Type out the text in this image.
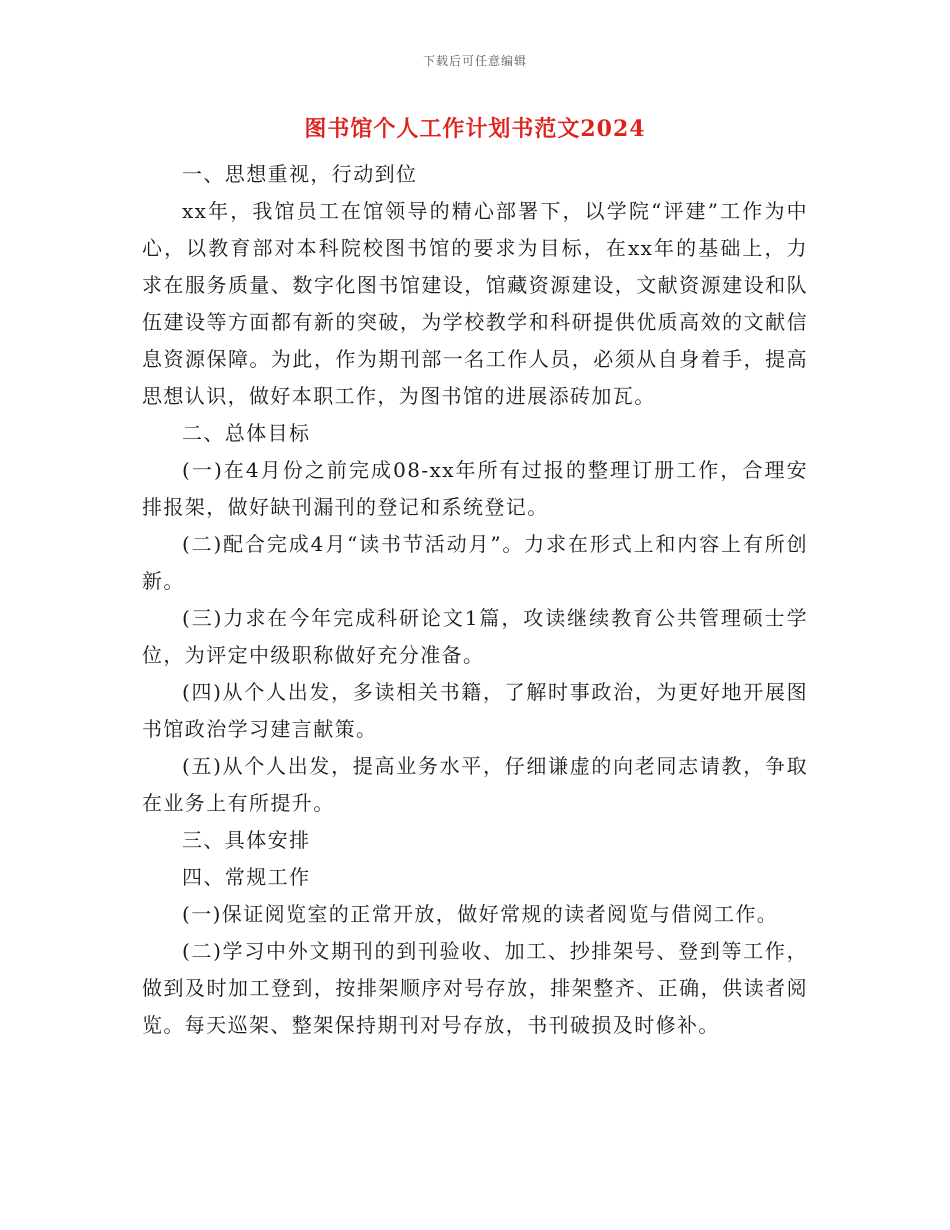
下载后可任意编辑
图书馆个人工作计划书范文2024

一、思想重视，行动到位

xx年，我馆员工在馆领导的精心部署下，以学院“评建”工作为中心，以教育部对本科院校图书馆的要求为目标，在xx年的基础上，力求在服务质量、数字化图书馆建设，馆藏资源建设，文献资源建设和队伍建设等方面都有新的突破，为学校教学和科研提供优质高效的文献信息资源保障。为此，作为期刊部一名工作人员，必须从自身着手，提高思想认识，做好本职工作，为图书馆的进展添砖加瓦。

二、总体目标

(一)在4月份之前完成08-xx年所有过报的整理订册工作，合理安排报架，做好缺刊漏刊的登记和系统登记。

(二)配合完成4月“读书节活动月”。力求在形式上和内容上有所创新。

(三)力求在今年完成科研论文1篇，攻读继续教育公共管理硕士学位，为评定中级职称做好充分准备。

(四)从个人出发，多读相关书籍，了解时事政治，为更好地开展图书馆政治学习建言献策。

(五)从个人出发，提高业务水平，仔细谦虚的向老同志请教，争取在业务上有所提升。

三、具体安排

四、常规工作

(一)保证阅览室的正常开放，做好常规的读者阅览与借阅工作。

(二)学习中外文期刊的到刊验收、加工、抄排架号、登到等工作，做到及时加工登到，按排架顺序对号存放，排架整齐、正确，供读者阅览。每天巡架、整架保持期刊对号存放，书刊破损及时修补。
